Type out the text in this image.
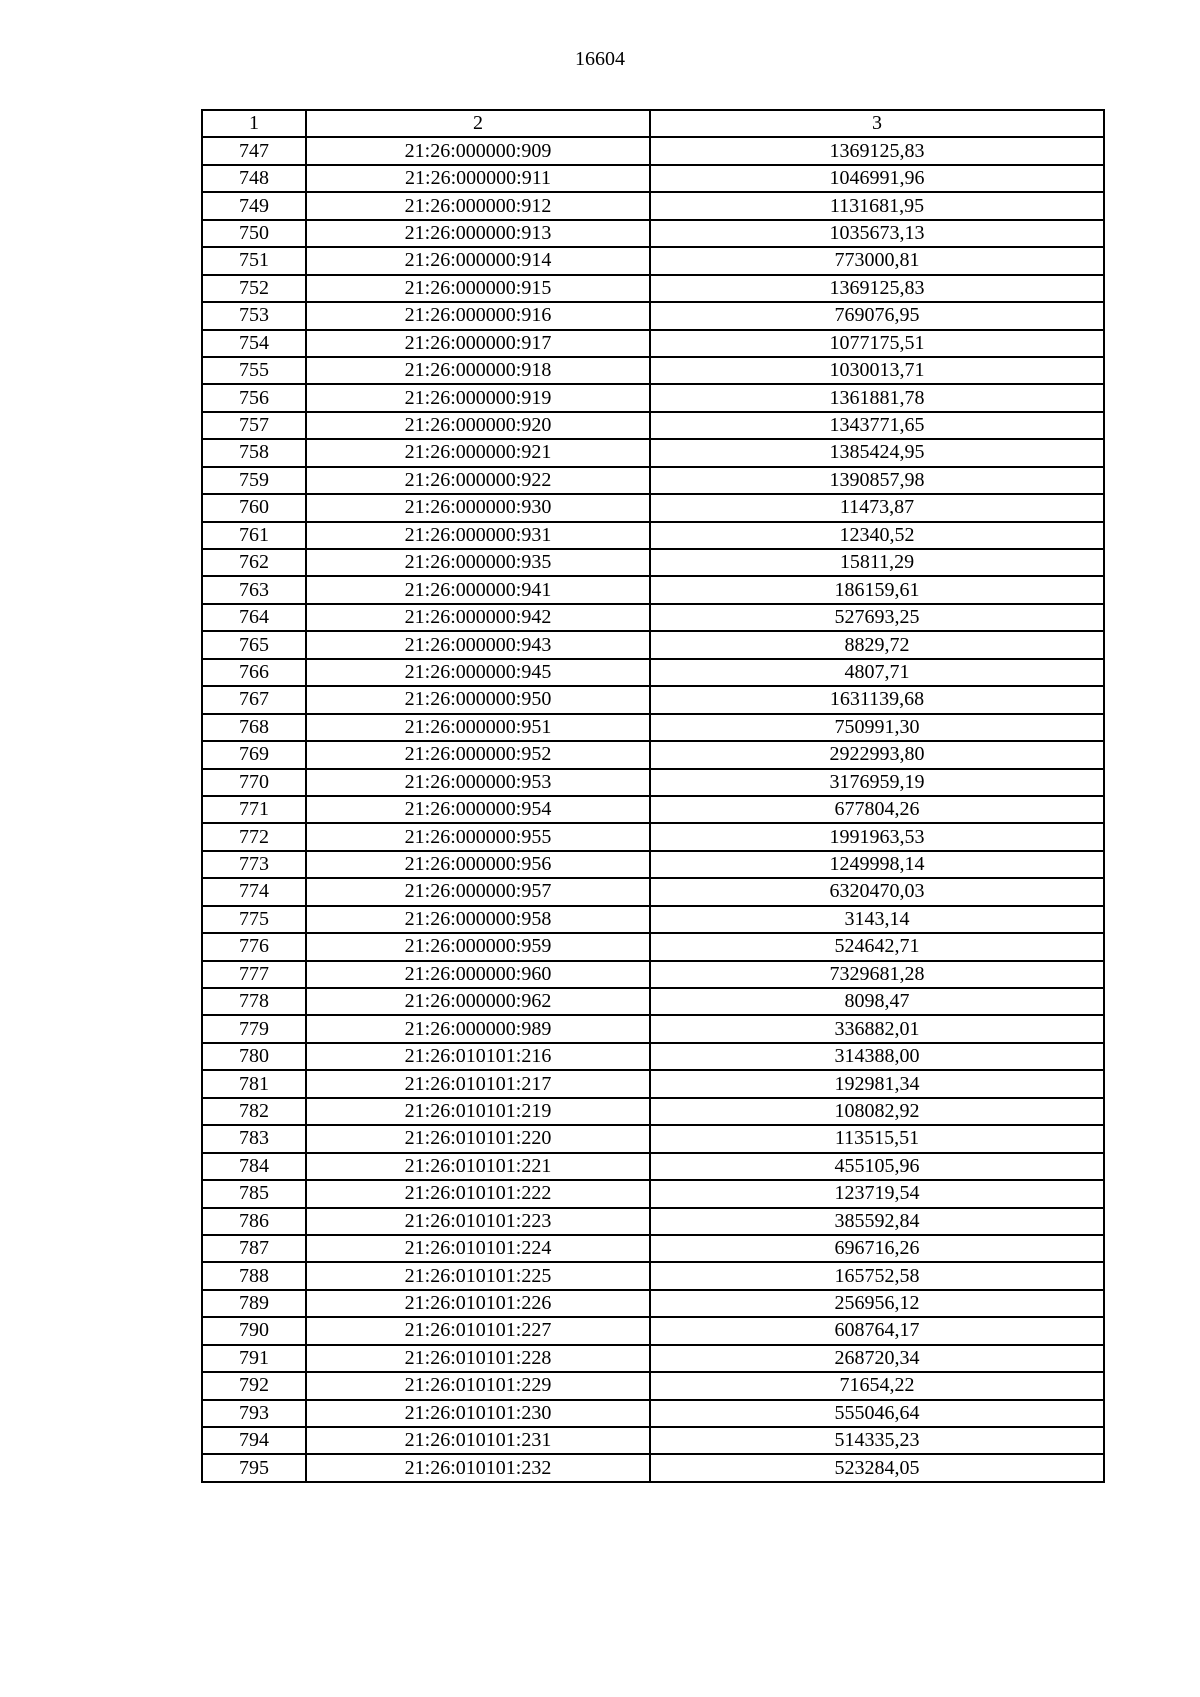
16604
1	2	3
747	21:26:000000:909	1369125,83
748	21:26:000000:911	1046991,96
749	21:26:000000:912	1131681,95
750	21:26:000000:913	1035673,13
751	21:26:000000:914	773000,81
752	21:26:000000:915	1369125,83
753	21:26:000000:916	769076,95
754	21:26:000000:917	1077175,51
755	21:26:000000:918	1030013,71
756	21:26:000000:919	1361881,78
757	21:26:000000:920	1343771,65
758	21:26:000000:921	1385424,95
759	21:26:000000:922	1390857,98
760	21:26:000000:930	11473,87
761	21:26:000000:931	12340,52
762	21:26:000000:935	15811,29
763	21:26:000000:941	186159,61
764	21:26:000000:942	527693,25
765	21:26:000000:943	8829,72
766	21:26:000000:945	4807,71
767	21:26:000000:950	1631139,68
768	21:26:000000:951	750991,30
769	21:26:000000:952	2922993,80
770	21:26:000000:953	3176959,19
771	21:26:000000:954	677804,26
772	21:26:000000:955	1991963,53
773	21:26:000000:956	1249998,14
774	21:26:000000:957	6320470,03
775	21:26:000000:958	3143,14
776	21:26:000000:959	524642,71
777	21:26:000000:960	7329681,28
778	21:26:000000:962	8098,47
779	21:26:000000:989	336882,01
780	21:26:010101:216	314388,00
781	21:26:010101:217	192981,34
782	21:26:010101:219	108082,92
783	21:26:010101:220	113515,51
784	21:26:010101:221	455105,96
785	21:26:010101:222	123719,54
786	21:26:010101:223	385592,84
787	21:26:010101:224	696716,26
788	21:26:010101:225	165752,58
789	21:26:010101:226	256956,12
790	21:26:010101:227	608764,17
791	21:26:010101:228	268720,34
792	21:26:010101:229	71654,22
793	21:26:010101:230	555046,64
794	21:26:010101:231	514335,23
795	21:26:010101:232	523284,05
